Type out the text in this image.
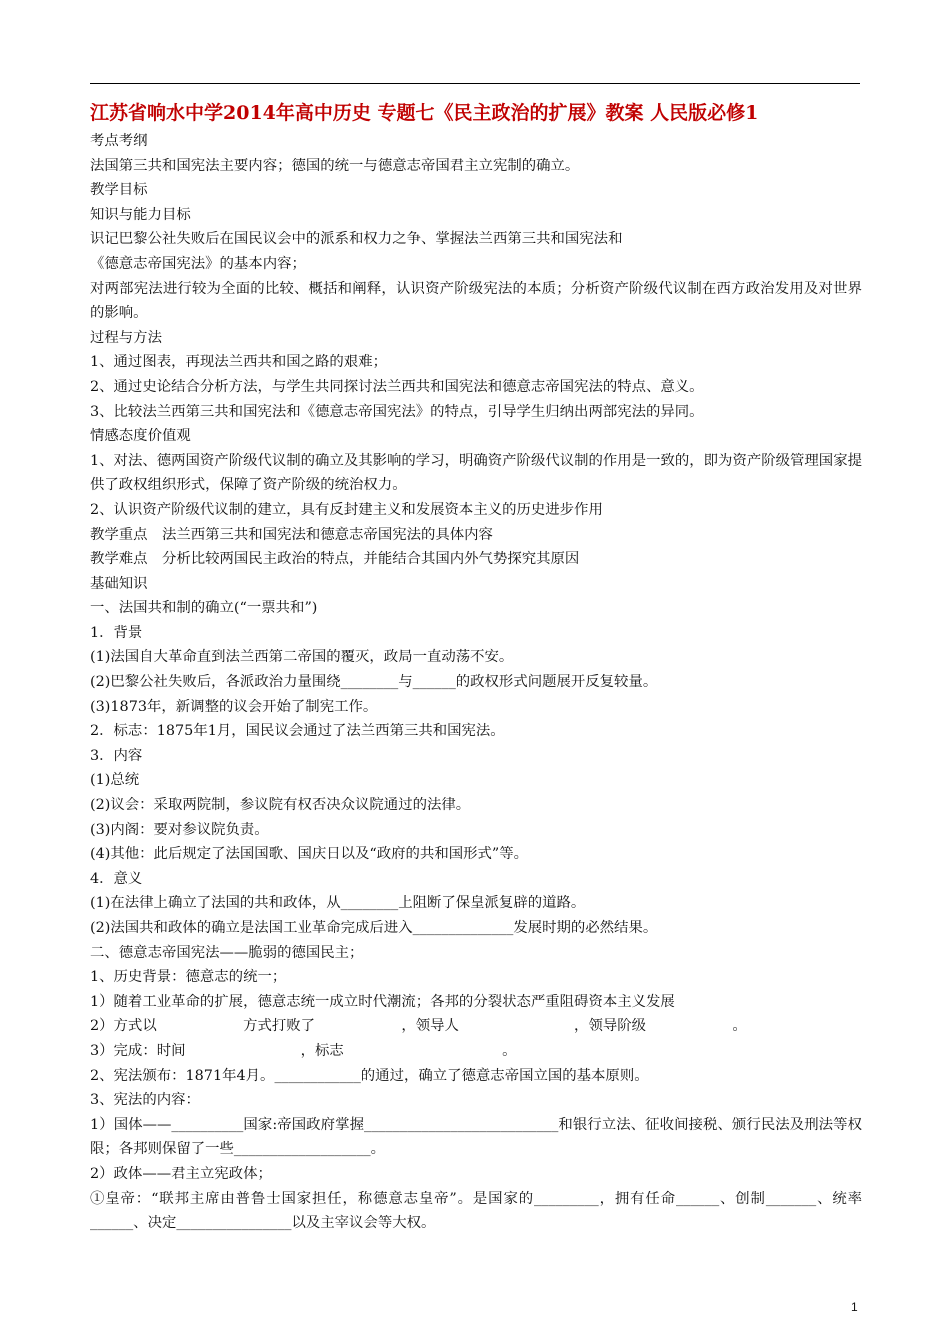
江苏省响水中学2014年高中历史 专题七《民主政治的扩展》教案 人民版必修1
考点考纲
法国第三共和国宪法主要内容；德国的统一与德意志帝国君主立宪制的确立。
教学目标
知识与能力目标
识记巴黎公社失败后在国民议会中的派系和权力之争、掌握法兰西第三共和国宪法和
《德意志帝国宪法》的基本内容；
对两部宪法进行较为全面的比较、概括和阐释，认识资产阶级宪法的本质；分析资产阶级代议制在西方政治发用及对世界的影响。
过程与方法
1、通过图表，再现法兰西共和国之路的艰难；
2、通过史论结合分析方法，与学生共同探讨法兰西共和国宪法和德意志帝国宪法的特点、意义。
3、比较法兰西第三共和国宪法和《德意志帝国宪法》的特点，引导学生归纳出两部宪法的异同。
情感态度价值观
1、对法、德两国资产阶级代议制的确立及其影响的学习，明确资产阶级代议制的作用是一致的，即为资产阶级管理国家提供了政权组织形式，保障了资产阶级的统治权力。
2、认识资产阶级代议制的建立，具有反封建主义和发展资本主义的历史进步作用
教学重点　法兰西第三共和国宪法和德意志帝国宪法的具体内容
教学难点　分析比较两国民主政治的特点，并能结合其国内外气势探究其原因
基础知识
一、法国共和制的确立(“一票共和”)
1．背景
(1)法国自大革命直到法兰西第二帝国的覆灭，政局一直动荡不安。
(2)巴黎公社失败后，各派政治力量围绕________与______的政权形式问题展开反复较量。
(3)1873年，新调整的议会开始了制宪工作。
2．标志：1875年1月，国民议会通过了法兰西第三共和国宪法。
3．内容
(1)总统
(2)议会：采取两院制，参议院有权否决众议院通过的法律。
(3)内阁：要对参议院负责。
(4)其他：此后规定了法国国歌、国庆日以及“政府的共和国形式”等。
4．意义
(1)在法律上确立了法国的共和政体，从________上阻断了保皇派复辟的道路。
(2)法国共和政体的确立是法国工业革命完成后进入______________发展时期的必然结果。
二、德意志帝国宪法——脆弱的德国民主；
1、历史背景：德意志的统一；
1）随着工业革命的扩展，德意志统一成立时代潮流；各邦的分裂状态严重阻碍资本主义发展
2）方式以　　　　　　方式打败了　　　　　　，领导人　　　　　　　　，领导阶级　　　　　　。
3）完成：时间　　　　　　　　，标志　　　　　　　　　　　。
2、宪法颁布：1871年4月。____________的通过，确立了德意志帝国立国的基本原则。
3、宪法的内容：
1）国体——__________国家:帝国政府掌握___________________________和银行立法、征收间接税、颁行民法及刑法等权限；各邦则保留了一些___________________。
2）政体——君主立宪政体；
①皇帝：“联邦主席由普鲁士国家担任，称德意志皇帝”。是国家的_________，拥有任命______、创制_______、统率______、决定________________以及主宰议会等大权。
1
